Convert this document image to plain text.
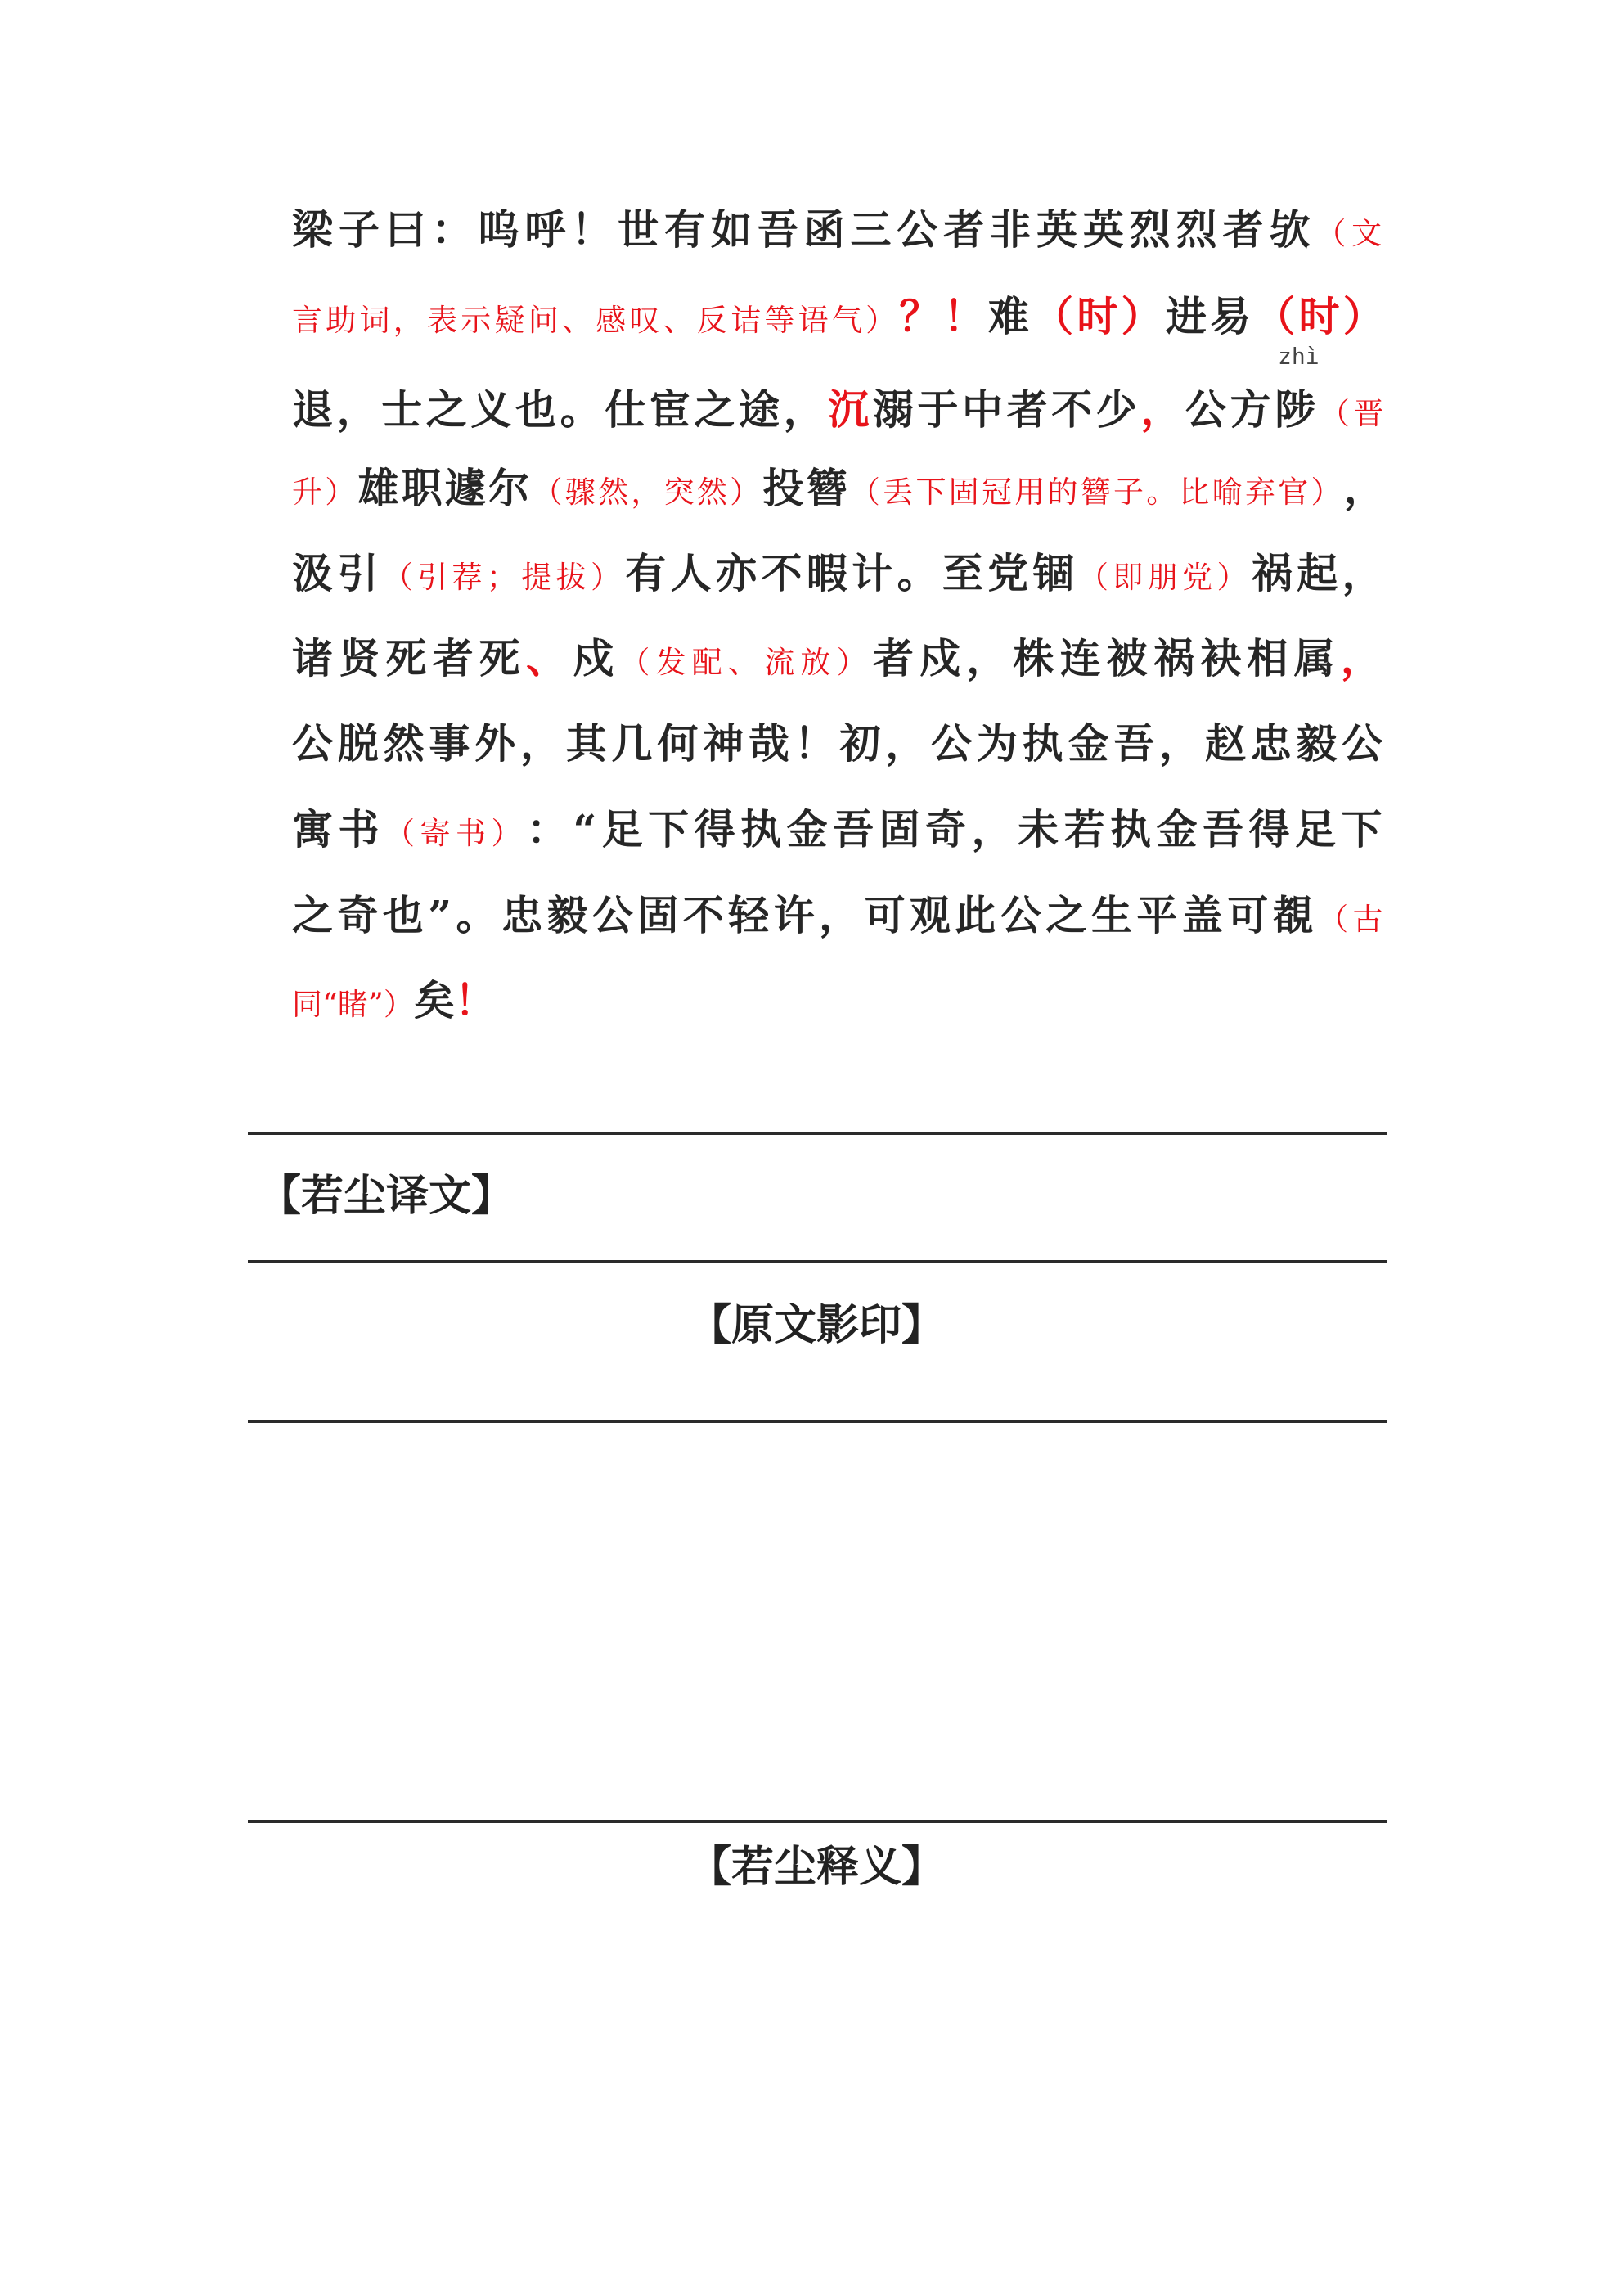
梁子曰：呜呼！世有如吾函三公者非英英烈烈者欤 （文
言助词，表示疑问、感叹、反诘等语气） ？！ 难 （时） 进易 （时）
退，士之义也。仕宦之途， 沉 溺于中者不少 ， 公方陟 （晋
升） 雄职遽尔 （骤然，突然） 投簪 （丢下固冠用的簪子。比喻弃官） ，
汲引 （引荐；提拔） 有人亦不暇计。至党锢 （即朋党） 祸起，
诸贤死者死 、 戍 （发配、流放） 者戍，株连被祸袂相属 ，
公脱然事外，其几何神哉！初，公为执金吾，赵忠毅公
寓书 （寄书） ：“足下得执金吾固奇，未若执金吾得足下
之奇也”。忠毅公固不轻许，可观此公之生平盖可覩 （古
同“睹”） 矣 ！
zhì
【若尘译文】
【原文影印】
【若尘释义】
